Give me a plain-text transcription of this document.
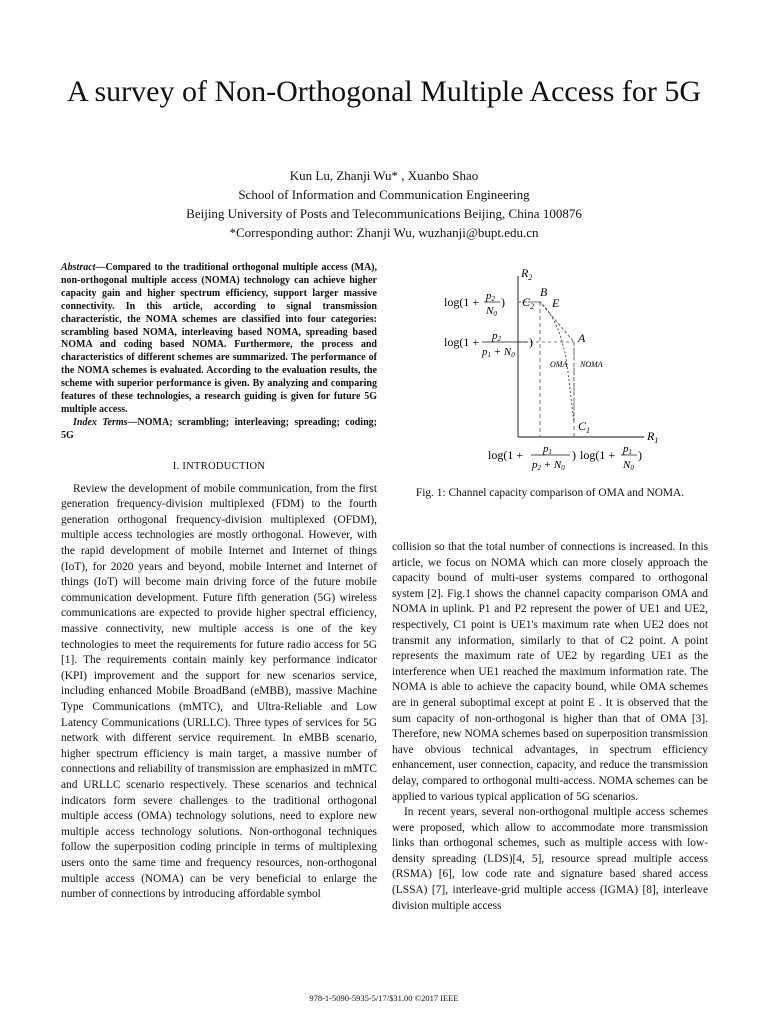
A survey of Non-Orthogonal Multiple Access for 5G
Kun Lu, Zhanji Wu* , Xuanbo Shao
School of Information and Communication Engineering
Beijing University of Posts and Telecommunications Beijing, China 100876
*Corresponding author: Zhanji Wu, wuzhanji@bupt.edu.cn

Abstract—Compared to the traditional orthogonal multiple access (MA), non-orthogonal multiple access (NOMA) technology can achieve higher capacity gain and higher spectrum efficiency, support larger massive connectivity. In this article, according to signal transmission characteristic, the NOMA schemes are classified into four categories: scrambling based NOMA, interleaving based NOMA, spreading based NOMA and coding based NOMA. Furthermore, the process and characteristics of different schemes are summarized. The performance of the NOMA schemes is evaluated. According to the evaluation results, the scheme with superior performance is given. By analyzing and comparing features of these technologies, a research guiding is given for future 5G multiple access.

Index Terms—NOMA; scrambling; interleaving; spreading; coding; 5G

I. INTRODUCTION

Review the development of mobile communication, from the first generation frequency-division multiplexed (FDM) to the fourth generation orthogonal frequency-division multiplexed (OFDM), multiple access technologies are mostly orthogonal. However, with the rapid development of mobile Internet and Internet of things (IoT), for 2020 years and beyond, mobile Internet and Internet of things (IoT) will become main driving force of the future mobile communication development. Future fifth generation (5G) wireless communications are expected to provide higher spectral efficiency, massive connectivity, new multiple access is one of the key technologies to meet the requirements for future radio access for 5G [1]. The requirements contain mainly key performance indicator (KPI) improvement and the support for new scenarios service, including enhanced Mobile BroadBand (eMBB), massive Machine Type Communications (mMTC), and Ultra-Reliable and Low Latency Communications (URLLC). Three types of services for 5G network with different service requirement. In eMBB scenario, higher spectrum efficiency is main target, a massive number of connections and reliability of transmission are emphasized in mMTC and URLLC scenario respectively. These scenarios and technical indicators form severe challenges to the traditional orthogonal multiple access (OMA) technology solutions, need to explore new multiple access technology solutions. Non-orthogonal techniques follow the superposition coding principle in terms of multiplexing users onto the same time and frequency resources, non-orthogonal multiple access (NOMA) can be very beneficial to enlarge the number of connections by introducing affordable symbol

$R_2$
$R_1$
B
E
$C_2$
A
$C_1$
OMA NOMA
log(1 + p2
N0
)
log(1 + p2
p1 + N0
)
log(1 + p1
p2 + N0
) log(1 + p1
N0
)
Fig. 1: Channel capacity comparison of OMA and NOMA.

collision so that the total number of connections is increased. In this article, we focus on NOMA which can more closely approach the capacity bound of multi-user systems compared to orthogonal system [2]. Fig.1 shows the channel capacity comparison OMA and NOMA in uplink. P1 and P2 represent the power of UE1 and UE2, respectively, C1 point is UE1's maximum rate when UE2 does not transmit any information, similarly to that of C2 point. A point represents the maximum rate of UE2 by regarding UE1 as the interference when UE1 reached the maximum information rate. The NOMA is able to achieve the capacity bound, while OMA schemes are in general suboptimal except at point E . It is observed that the sum capacity of non-orthogonal is higher than that of OMA [3]. Therefore, new NOMA schemes based on superposition transmission have obvious technical advantages, in spectrum efficiency enhancement, user connection, capacity, and reduce the transmission delay, compared to orthogonal multi-access. NOMA schemes can be applied to various typical application of 5G scenarios.

In recent years, several non-orthogonal multiple access schemes were proposed, which allow to accommodate more transmission links than orthogonal schemes, such as multiple access with low-density spreading (LDS)[4, 5], resource spread multiple access (RSMA) [6], low code rate and signature based shared access (LSSA) [7], interleave-grid multiple access (IGMA) [8], interleave division multiple access

978-1-5090-5935-5/17/$31.00 ©2017 IEEE
